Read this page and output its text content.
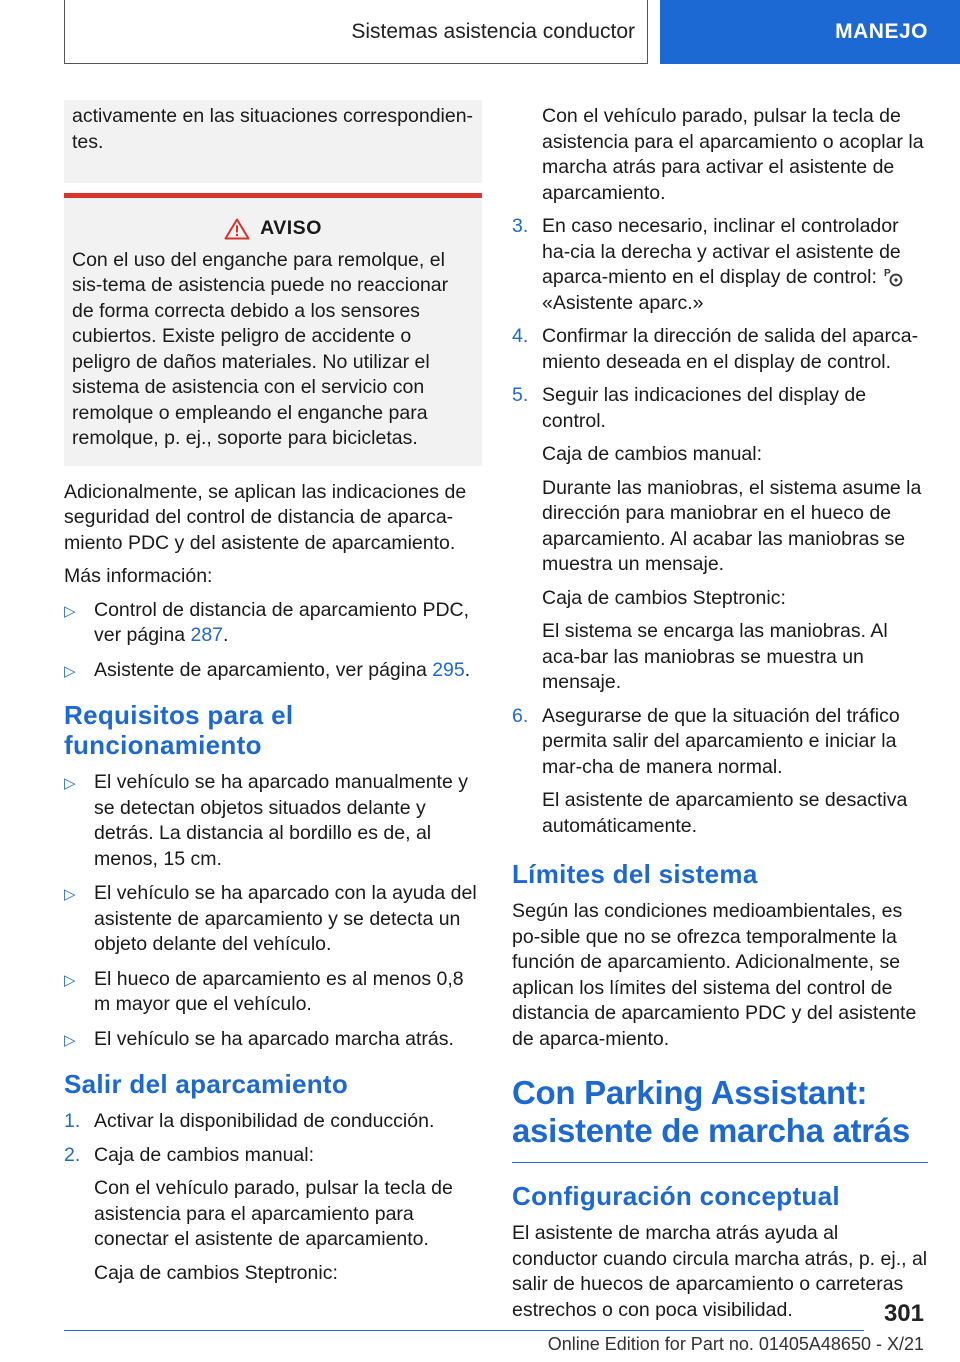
Sistemas asistencia conductor	MANEJO

activamente en las situaciones correspondien-
tes.

AVISO

Con el uso del enganche para remolque, el sis-tema de asistencia puede no reaccionar de forma correcta debido a los sensores cubiertos. Existe peligro de accidente o peligro de daños materiales. No utilizar el sistema de asistencia con el servicio con remolque o empleando el enganche para remolque, p. ej., soporte para bicicletas.

Adicionalmente, se aplican las indicaciones de seguridad del control de distancia de aparca-miento PDC y del asistente de aparcamiento.

Más información:

▷ Control de distancia de aparcamiento PDC, ver página 287.
▷ Asistente de aparcamiento, ver página 295.
Requisitos para el funcionamiento
▷ El vehículo se ha aparcado manualmente y se detectan objetos situados delante y detrás. La distancia al bordillo es de, al menos, 15 cm.
▷ El vehículo se ha aparcado con la ayuda del asistente de aparcamiento y se detecta un objeto delante del vehículo.
▷ El hueco de aparcamiento es al menos 0,8 m mayor que el vehículo.
▷ El vehículo se ha aparcado marcha atrás.
Salir del aparcamiento
1. Activar la disponibilidad de conducción.
2. Caja de cambios manual:

Con el vehículo parado, pulsar la tecla de asistencia para el aparcamiento para conectar el asistente de aparcamiento.

Caja de cambios Steptronic:

Con el vehículo parado, pulsar la tecla de asistencia para el aparcamiento o acoplar la marcha atrás para activar el asistente de aparcamiento.

3. En caso necesario, inclinar el controlador ha-cia la derecha y activar el asistente de aparca-miento en el display de control: P

«Asistente aparc.»
4. Confirmar la dirección de salida del aparca-miento deseada en el display de control.
5. Seguir las indicaciones del display de control.

Caja de cambios manual:

Durante las maniobras, el sistema asume la dirección para maniobrar en el hueco de aparcamiento. Al acabar las maniobras se muestra un mensaje.

Caja de cambios Steptronic:

El sistema se encarga las maniobras. Al aca-bar las maniobras se muestra un mensaje.

6. Asegurarse de que la situación del tráfico permita salir del aparcamiento e iniciar la mar-cha de manera normal.

El asistente de aparcamiento se desactiva automáticamente.

Límites del sistema

Según las condiciones medioambientales, es po-sible que no se ofrezca temporalmente la función de aparcamiento. Adicionalmente, se aplican los límites del sistema del control de distancia de aparcamiento PDC y del asistente de aparca-miento.

Con Parking Assistant: asistente de marcha atrás
Configuración conceptual

El asistente de marcha atrás ayuda al conductor cuando circula marcha atrás, p. ej., al salir de huecos de aparcamiento o carreteras estrechos o con poca visibilidad.	301
Online Edition for Part no. 01405A48650 - X/21
